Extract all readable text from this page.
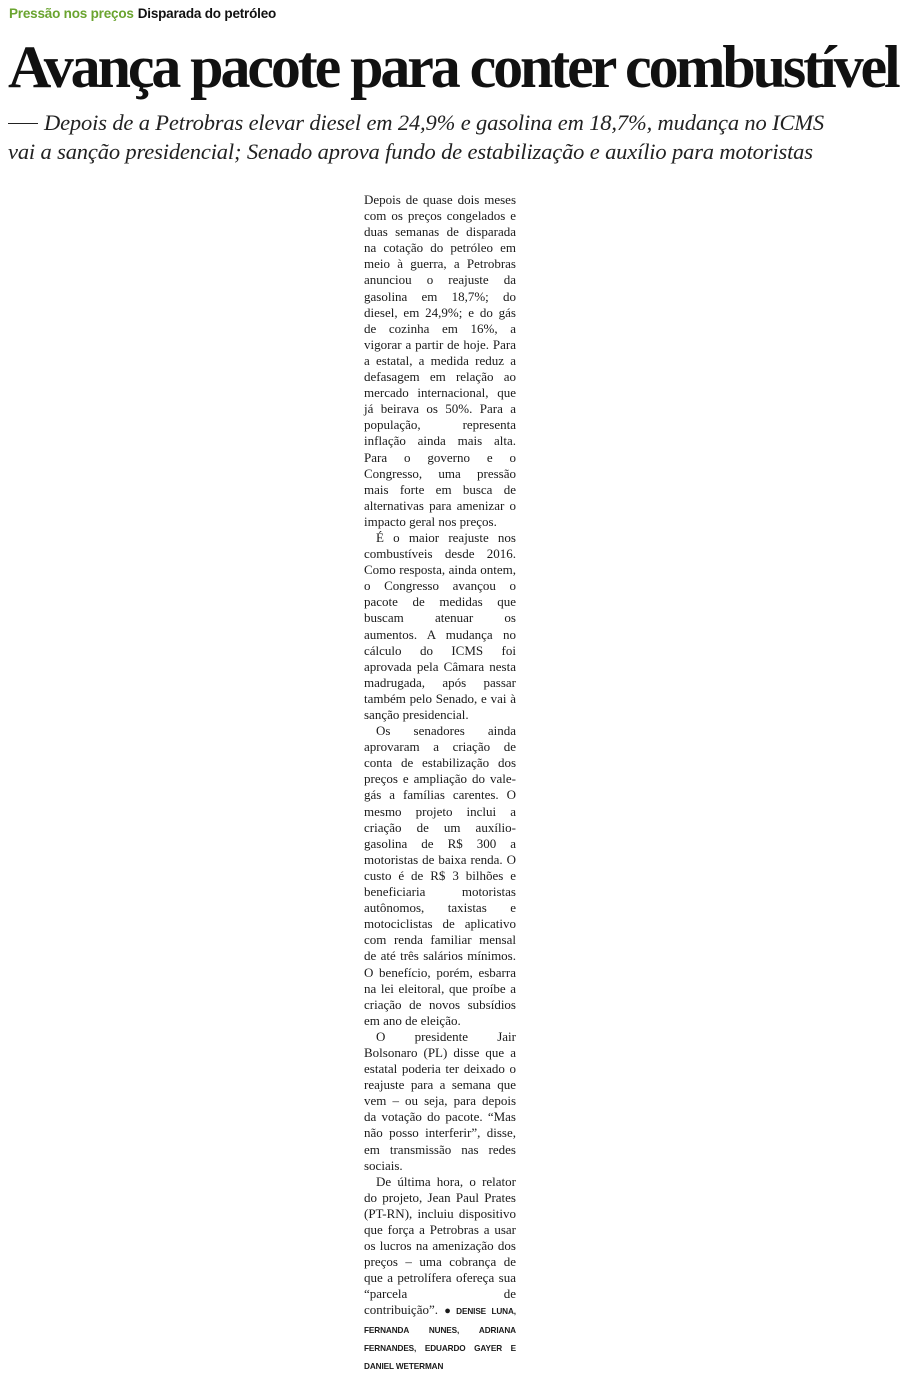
Pressão nos preços Disparada do petróleo
Avança pacote para conter combustível
Depois de a Petrobras elevar diesel em 24,9% e gasolina em 18,7%, mudança no ICMS
vai a sanção presidencial; Senado aprova fundo de estabilização e auxílio para motoristas

Depois de quase dois meses com os preços congelados e duas semanas de disparada na cotação do petróleo em meio à guerra, a Petrobras anunciou o reajuste da gasolina em 18,7%; do diesel, em 24,9%; e do gás de cozinha em 16%, a vigorar a partir de hoje. Para a estatal, a medida reduz a defasagem em relação ao mercado internacional, que já beirava os 50%. Para a população, representa inflação ainda mais alta. Para o governo e o Congresso, uma pressão mais forte em busca de alternativas para amenizar o impacto geral nos preços.

É o maior reajuste nos combustíveis desde 2016. Como resposta, ainda ontem, o Congresso avançou o pacote de medidas que buscam atenuar os aumentos. A mudança no cálculo do ICMS foi aprovada pela Câmara nesta madrugada, após passar também pelo Senado, e vai à sanção presidencial.

Os senadores ainda aprovaram a criação de conta de estabilização dos preços e ampliação do vale-gás a famílias carentes. O mesmo projeto inclui a criação de um auxílio-gasolina de R$ 300 a motoristas de baixa renda. O custo é de R$ 3 bilhões e beneficiaria motoristas autônomos, taxistas e motociclistas de aplicativo com renda familiar mensal de até três salários mínimos. O benefício, porém, esbarra na lei eleitoral, que proíbe a criação de novos subsídios em ano de eleição.

O presidente Jair Bolsonaro (PL) disse que a estatal poderia ter deixado o reajuste para a semana que vem – ou seja, para depois da votação do pacote. “Mas não posso interferir”, disse, em transmissão nas redes sociais.

De última hora, o relator do projeto, Jean Paul Prates (PT-RN), incluiu dispositivo que força a Petrobras a usar os lucros na amenização dos preços – uma cobrança de que a petrolífera ofereça sua “parcela de contribuição”. ● DENISE LUNA, FERNANDA NUNES, ADRIANA FERNANDES, EDUARDO GAYER E DANIEL WETERMAN
